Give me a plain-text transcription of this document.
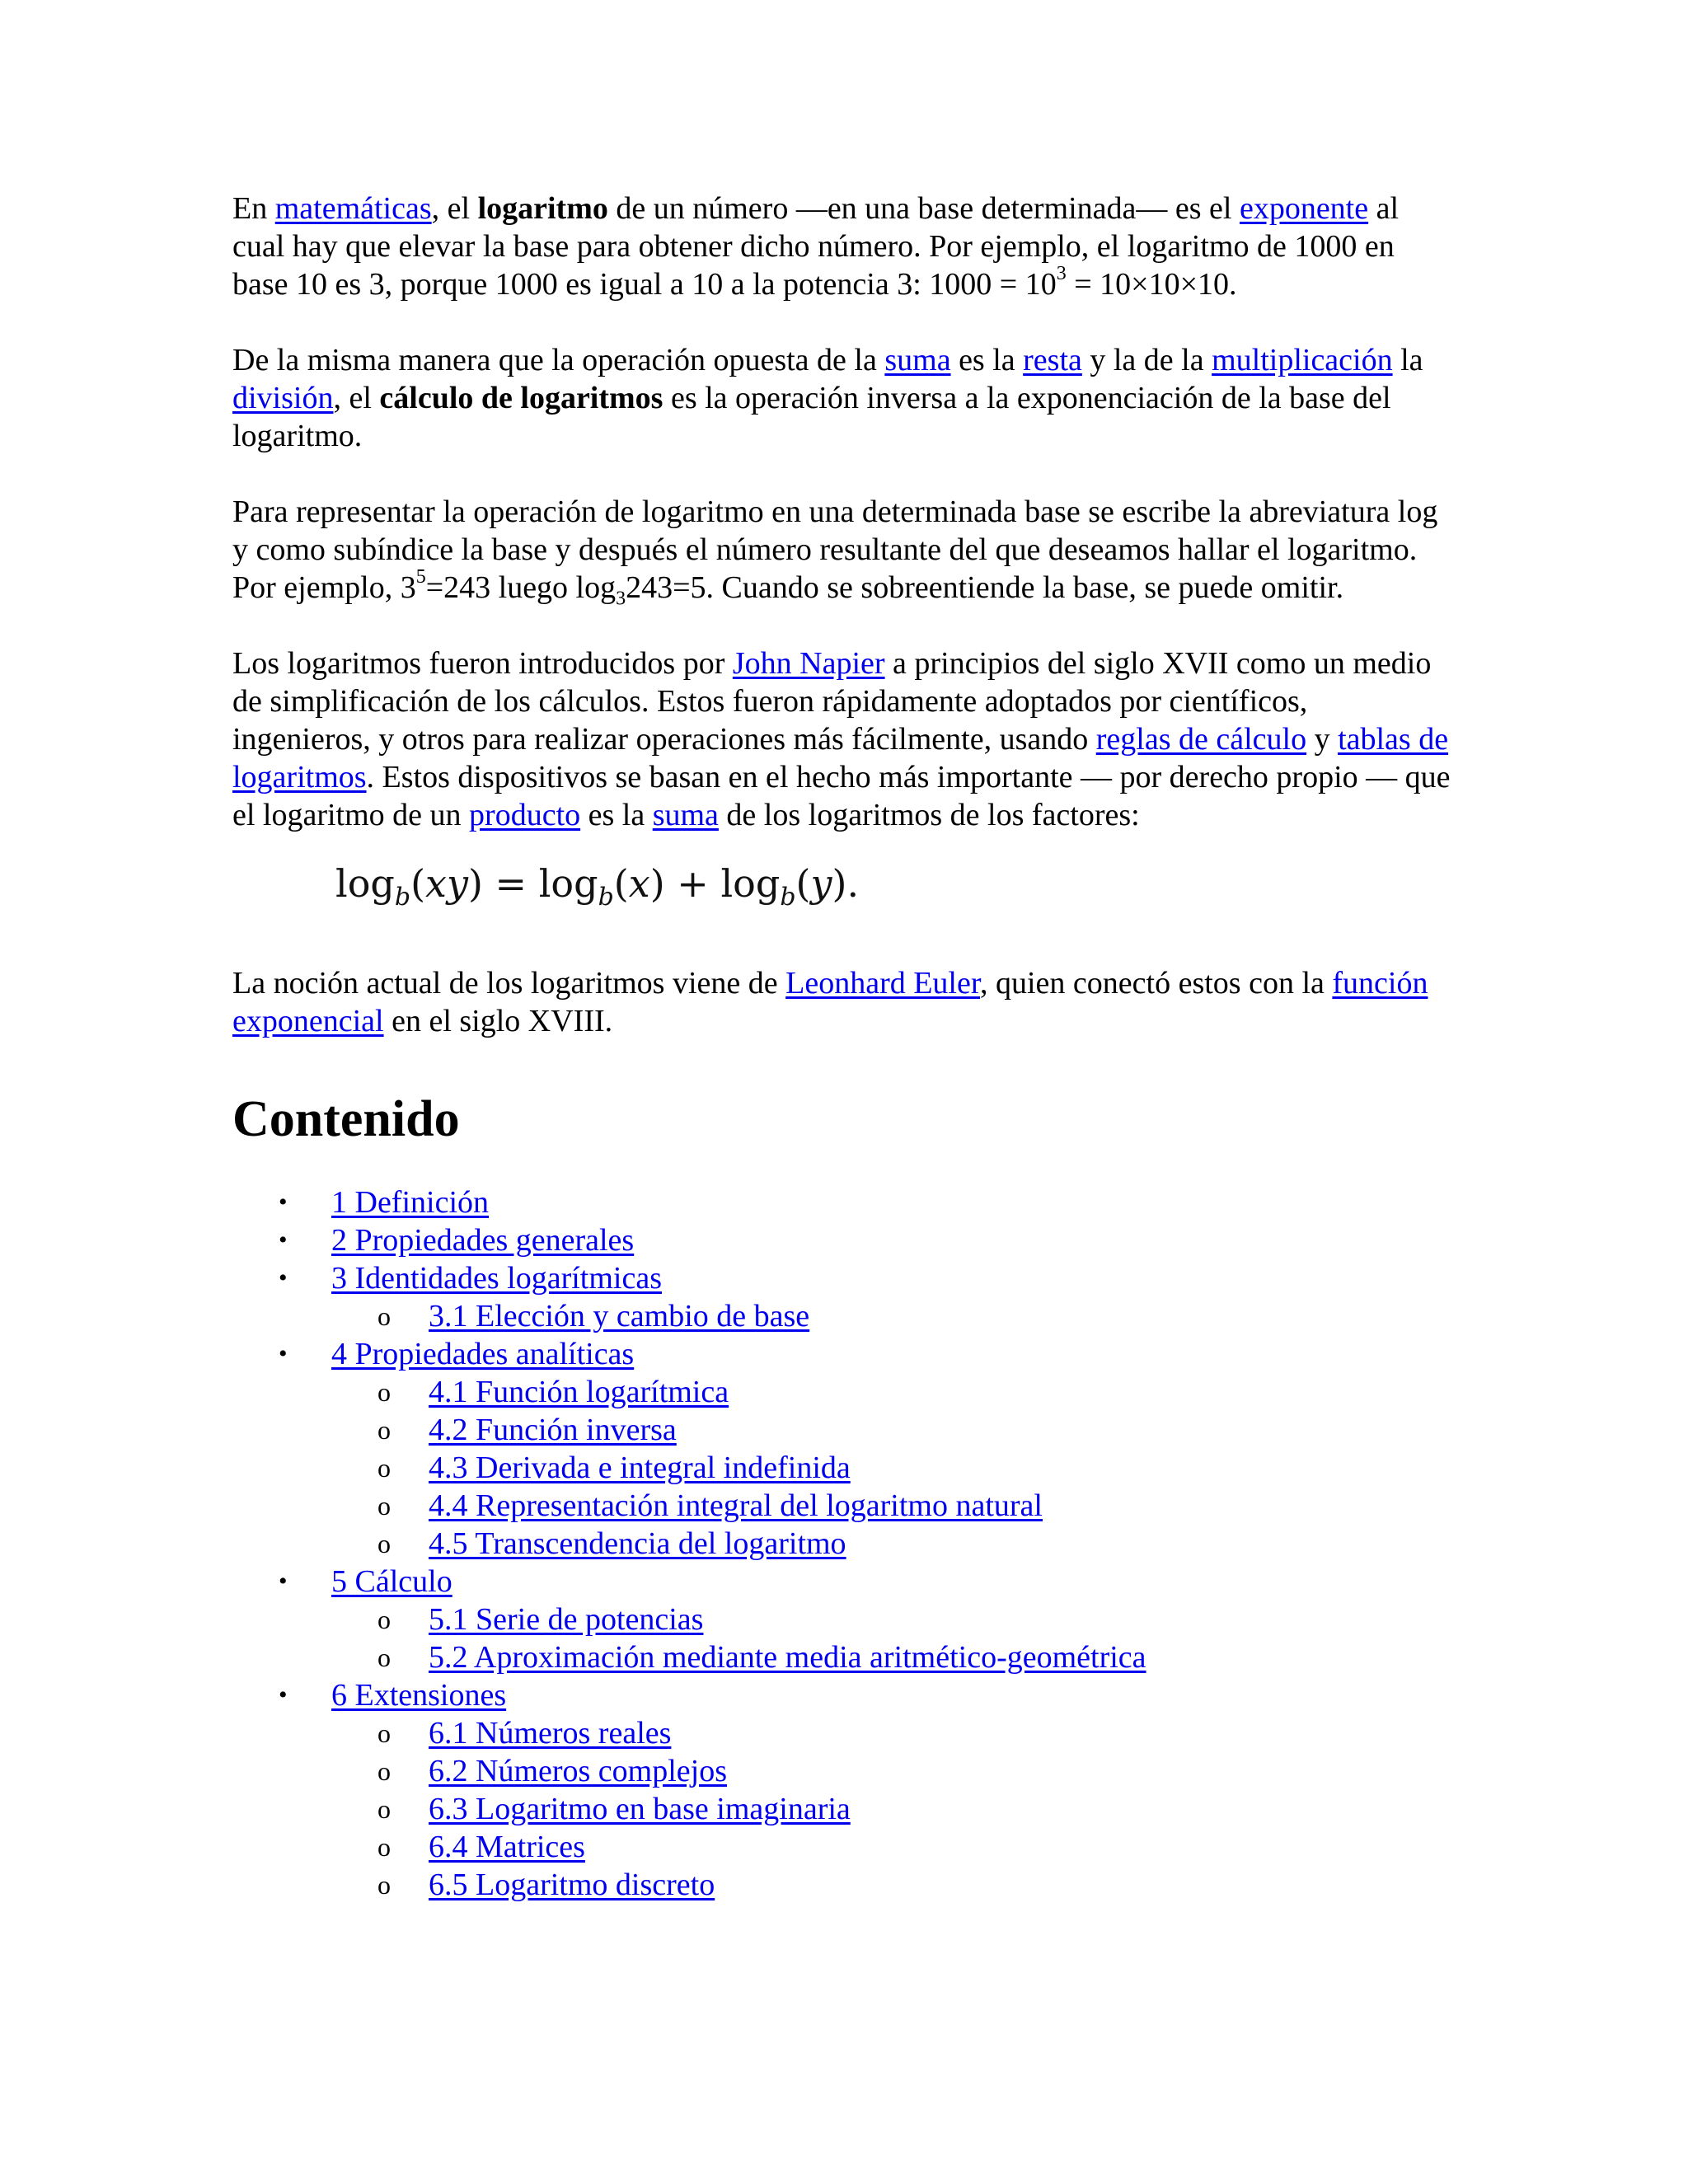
En matemáticas, el logaritmo de un número —en una base determinada— es el exponente al cual hay que elevar la base para obtener dicho número. Por ejemplo, el logaritmo de 1000 en base 10 es 3, porque 1000 es igual a 10 a la potencia 3: $1000 = 10^3 = 10\times 10\times 10$.

De la misma manera que la operación opuesta de la suma es la resta y la de la multiplicación la división, el cálculo de logaritmos es la operación inversa a la exponenciación de la base del logaritmo.

Para representar la operación de logaritmo en una determinada base se escribe la abreviatura log y como subíndice la base y después el número resultante del que deseamos hallar el logaritmo. Por ejemplo, $3^5=243$ luego $\log_3243=5$. Cuando se sobreentiende la base, se puede omitir.

Los logaritmos fueron introducidos por John Napier a principios del siglo XVII como un medio de simplificación de los cálculos. Estos fueron rápidamente adoptados por científicos, ingenieros, y otros para realizar operaciones más fácilmente, usando reglas de cálculo y tablas de logaritmos. Estos dispositivos se basan en el hecho más importante — por derecho propio — que el logaritmo de un producto es la suma de los logaritmos de los factores:

$\log_b(xy) = \log_b(x) + \log_b(y)$.

La noción actual de los logaritmos viene de Leonhard Euler, quien conectó estos con la función exponencial en el siglo XVIII.

Contenido
• 1 Definición
• 2 Propiedades generales
• 3 Identidades logarítmicas
o 3.1 Elección y cambio de base
• 4 Propiedades analíticas
o 4.1 Función logarítmica
o 4.2 Función inversa
o 4.3 Derivada e integral indefinida
o 4.4 Representación integral del logaritmo natural
o 4.5 Transcendencia del logaritmo
• 5 Cálculo
o 5.1 Serie de potencias
o 5.2 Aproximación mediante media aritmético-geométrica
• 6 Extensiones
o 6.1 Números reales
o 6.2 Números complejos
o 6.3 Logaritmo en base imaginaria
o 6.4 Matrices
o 6.5 Logaritmo discreto
